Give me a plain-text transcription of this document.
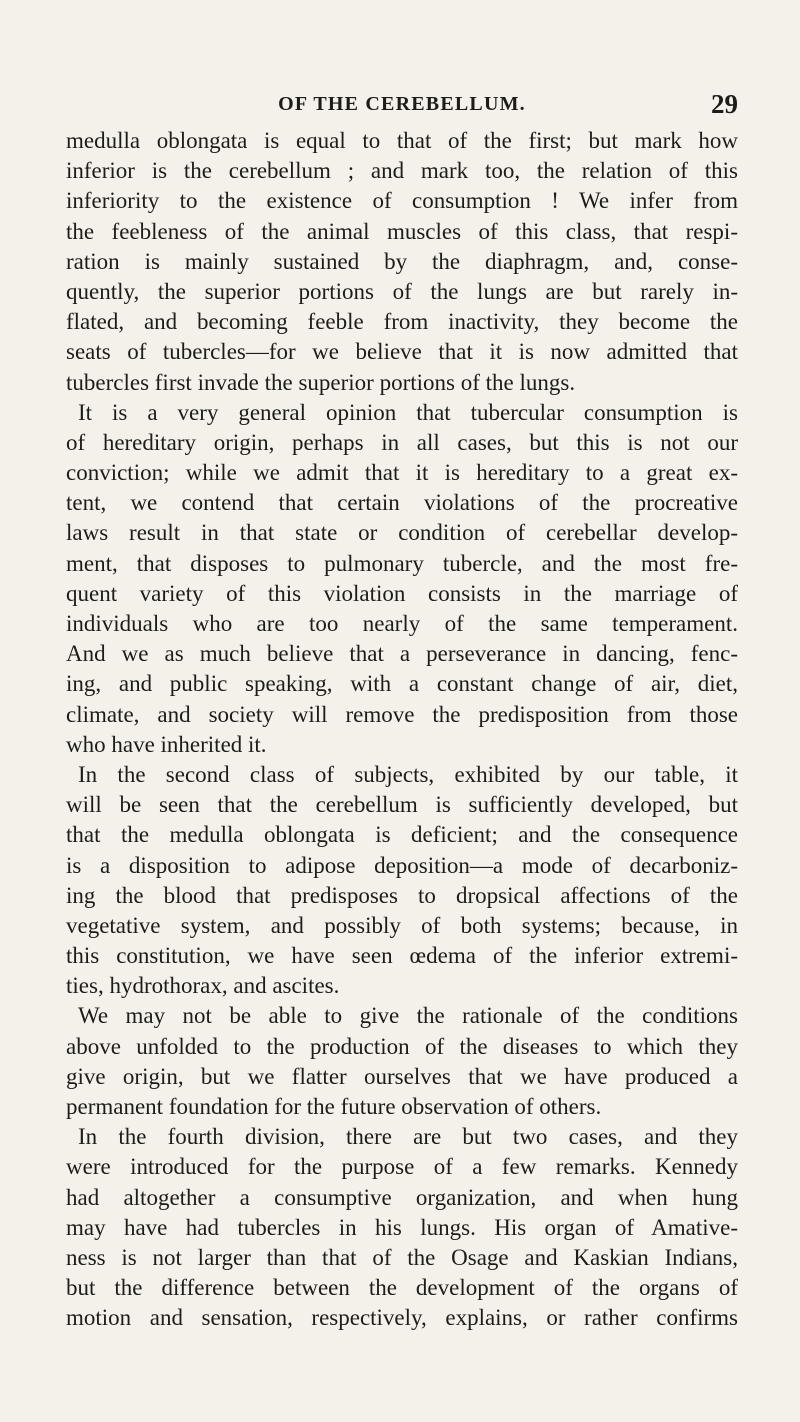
OF THE CEREBELLUM.	29
medulla oblongata is equal to that of the first; but mark how
inferior is the cerebellum ; and mark too, the relation of this
inferiority to the existence of consumption ! We infer from
the feebleness of the animal muscles of this class, that respi-
ration is mainly sustained by the diaphragm, and, conse-
quently, the superior portions of the lungs are but rarely in-
flated, and becoming feeble from inactivity, they become the
seats of tubercles—for we believe that it is now admitted that
tubercles first invade the superior portions of the lungs.
It is a very general opinion that tubercular consumption is
of hereditary origin, perhaps in all cases, but this is not our
conviction; while we admit that it is hereditary to a great ex-
tent, we contend that certain violations of the procreative
laws result in that state or condition of cerebellar develop-
ment, that disposes to pulmonary tubercle, and the most fre-
quent variety of this violation consists in the marriage of
individuals who are too nearly of the same temperament.
And we as much believe that a perseverance in dancing, fenc-
ing, and public speaking, with a constant change of air, diet,
climate, and society will remove the predisposition from those
who have inherited it.
In the second class of subjects, exhibited by our table, it
will be seen that the cerebellum is sufficiently developed, but
that the medulla oblongata is deficient; and the consequence
is a disposition to adipose deposition—a mode of decarboniz-
ing the blood that predisposes to dropsical affections of the
vegetative system, and possibly of both systems; because, in
this constitution, we have seen œdema of the inferior extremi-
ties, hydrothorax, and ascites.
We may not be able to give the rationale of the conditions
above unfolded to the production of the diseases to which they
give origin, but we flatter ourselves that we have produced a
permanent foundation for the future observation of others.
In the fourth division, there are but two cases, and they
were introduced for the purpose of a few remarks. Kennedy
had altogether a consumptive organization, and when hung
may have had tubercles in his lungs. His organ of Amative-
ness is not larger than that of the Osage and Kaskian Indians,
but the difference between the development of the organs of
motion and sensation, respectively, explains, or rather confirms
